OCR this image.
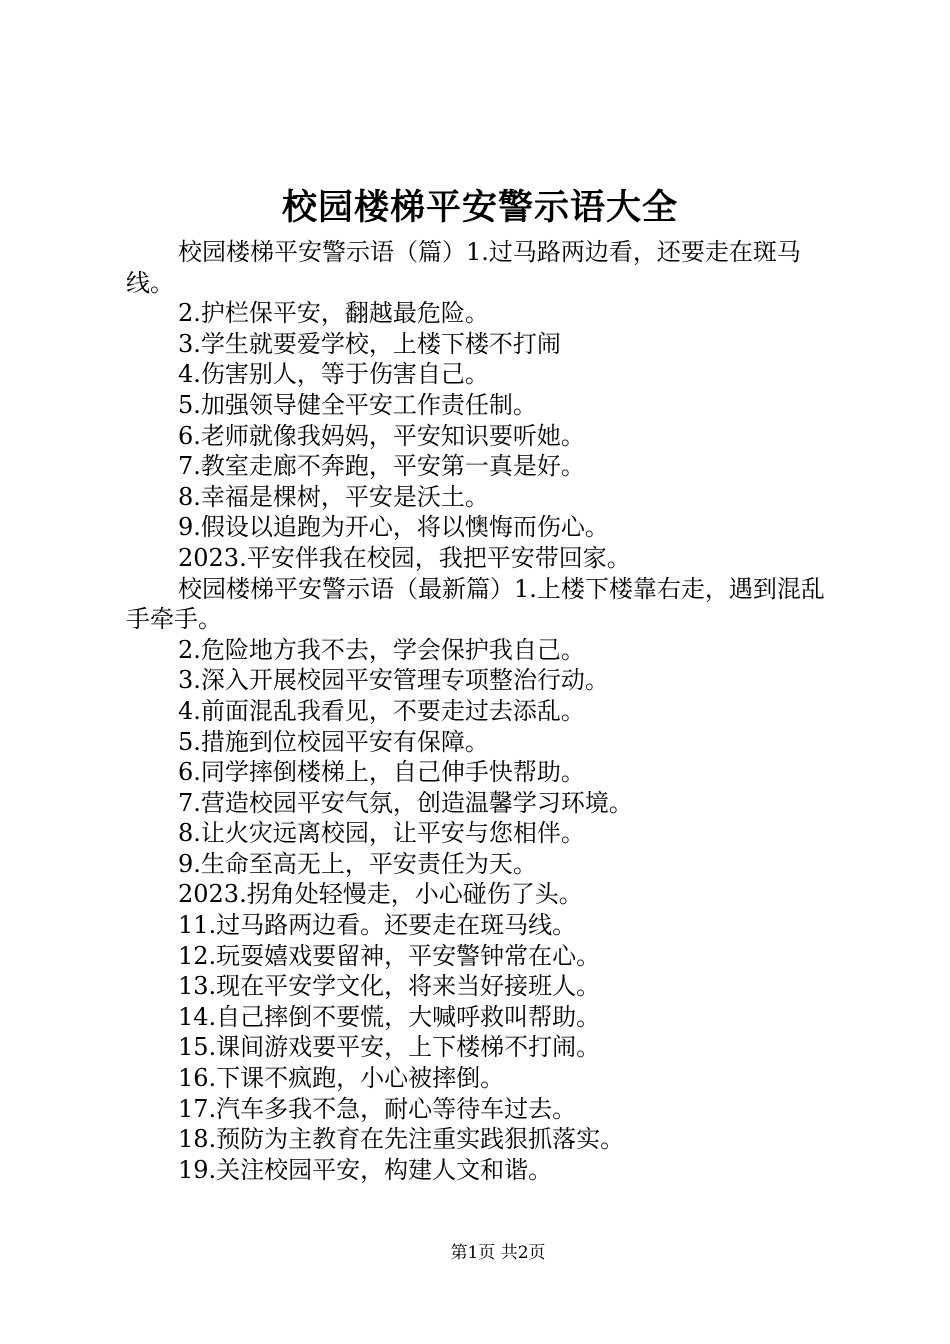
校园楼梯平安警示语大全

校园楼梯平安警示语（篇）1.过马路两边看，还要走在斑马线。

2.护栏保平安，翻越最危险。

3.学生就要爱学校，上楼下楼不打闹

4.伤害别人，等于伤害自己。

5.加强领导健全平安工作责任制。

6.老师就像我妈妈，平安知识要听她。

7.教室走廊不奔跑，平安第一真是好。

8.幸福是棵树，平安是沃土。

9.假设以追跑为开心，将以懊悔而伤心。

2023.平安伴我在校园，我把平安带回家。

校园楼梯平安警示语（最新篇）1.上楼下楼靠右走，遇到混乱手牵手。

2.危险地方我不去，学会保护我自己。

3.深入开展校园平安管理专项整治行动。

4.前面混乱我看见，不要走过去添乱。

5.措施到位校园平安有保障。

6.同学摔倒楼梯上，自己伸手快帮助。

7.营造校园平安气氛，创造温馨学习环境。

8.让火灾远离校园，让平安与您相伴。

9.生命至高无上，平安责任为天。

2023.拐角处轻慢走，小心碰伤了头。

11.过马路两边看。还要走在斑马线。

12.玩耍嬉戏要留神，平安警钟常在心。

13.现在平安学文化，将来当好接班人。

14.自己摔倒不要慌，大喊呼救叫帮助。

15.课间游戏要平安，上下楼梯不打闹。

16.下课不疯跑，小心被摔倒。

17.汽车多我不急，耐心等待车过去。

18.预防为主教育在先注重实践狠抓落实。

19.关注校园平安，构建人文和谐。

第1页 共2页
